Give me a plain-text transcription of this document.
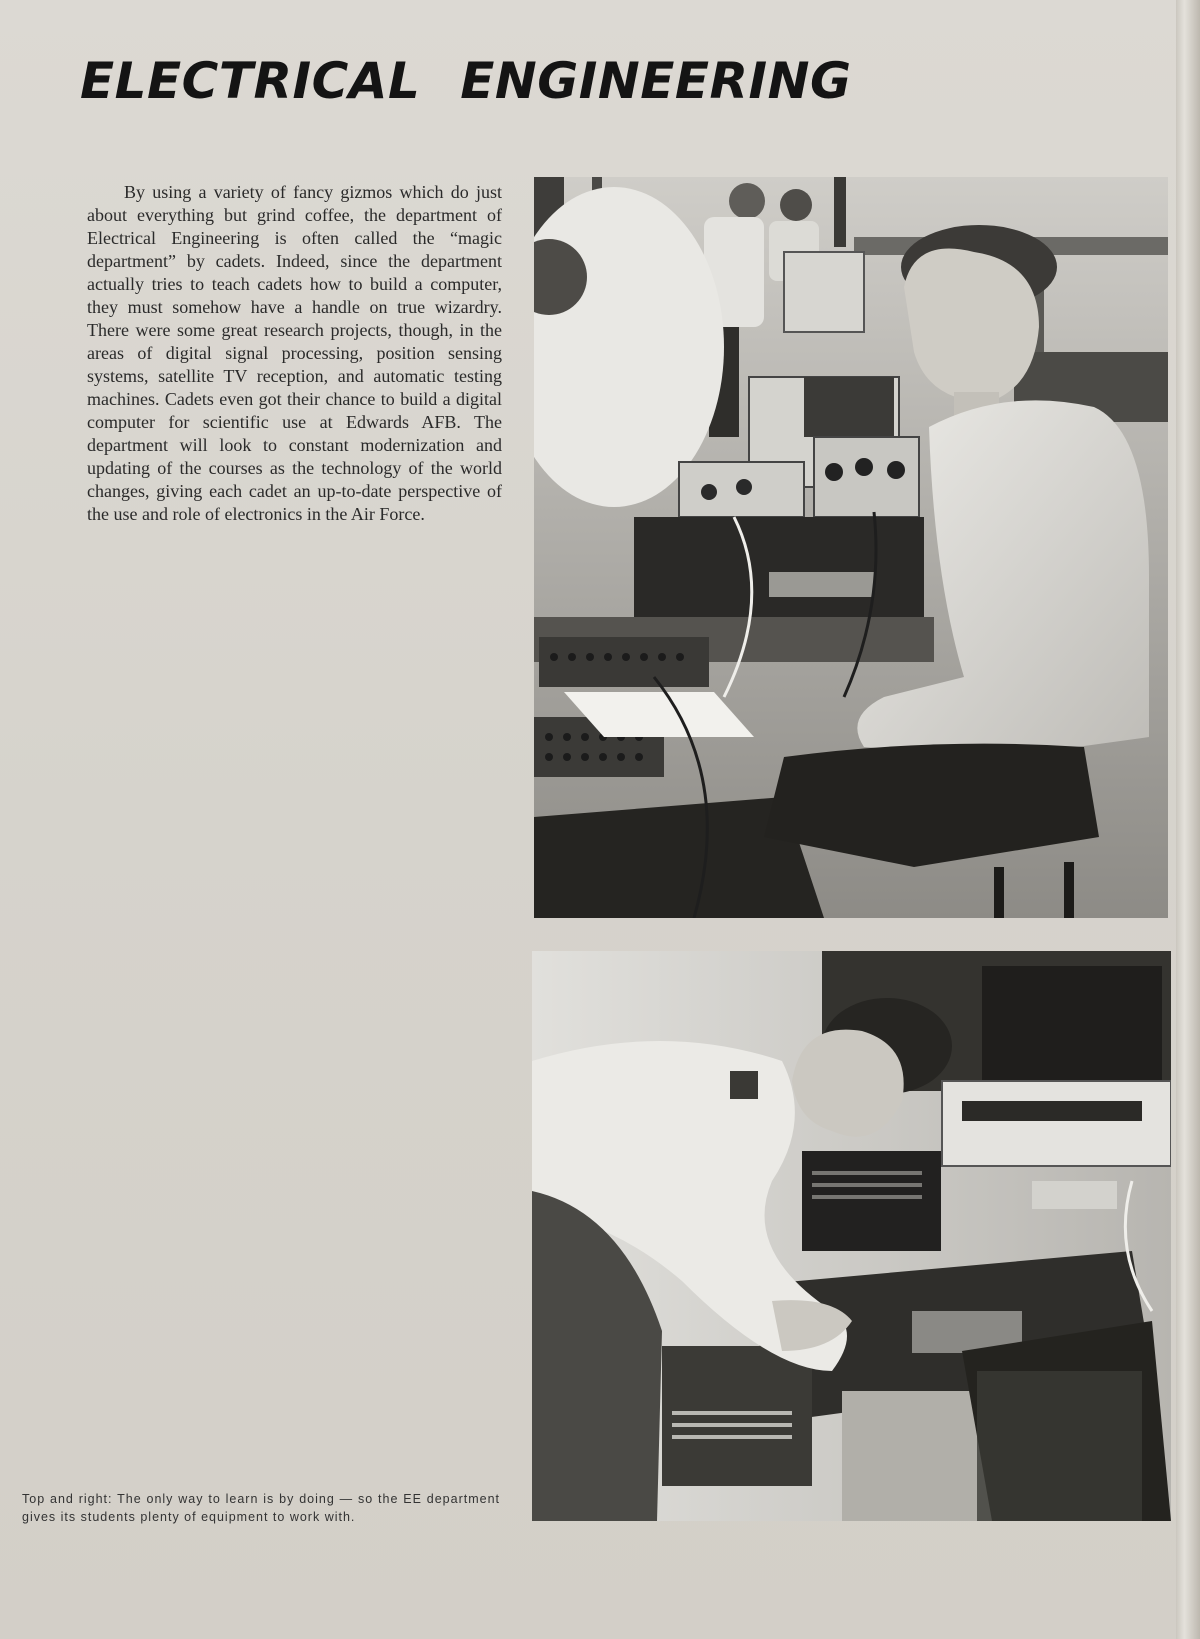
ELECTRICAL ENGINEERING

By using a variety of fancy gizmos which do just about everything but grind coffee, the department of Electrical Engineering is often called the “magic department” by cadets. Indeed, since the department actually tries to teach cadets how to build a computer, they must somehow have a handle on true wizardry. There were some great research projects, though, in the areas of digital signal processing, position sensing systems, satellite TV reception, and automatic testing machines. Cadets even got their chance to build a digital computer for scientific use at Edwards AFB. The department will look to constant modernization and updating of the courses as the technology of the world changes, giving each cadet an up-to-date perspective of the use and role of electronics in the Air Force.

Top and right: The only way to learn is by doing — so the EE department gives its students plenty of equipment to work with.
